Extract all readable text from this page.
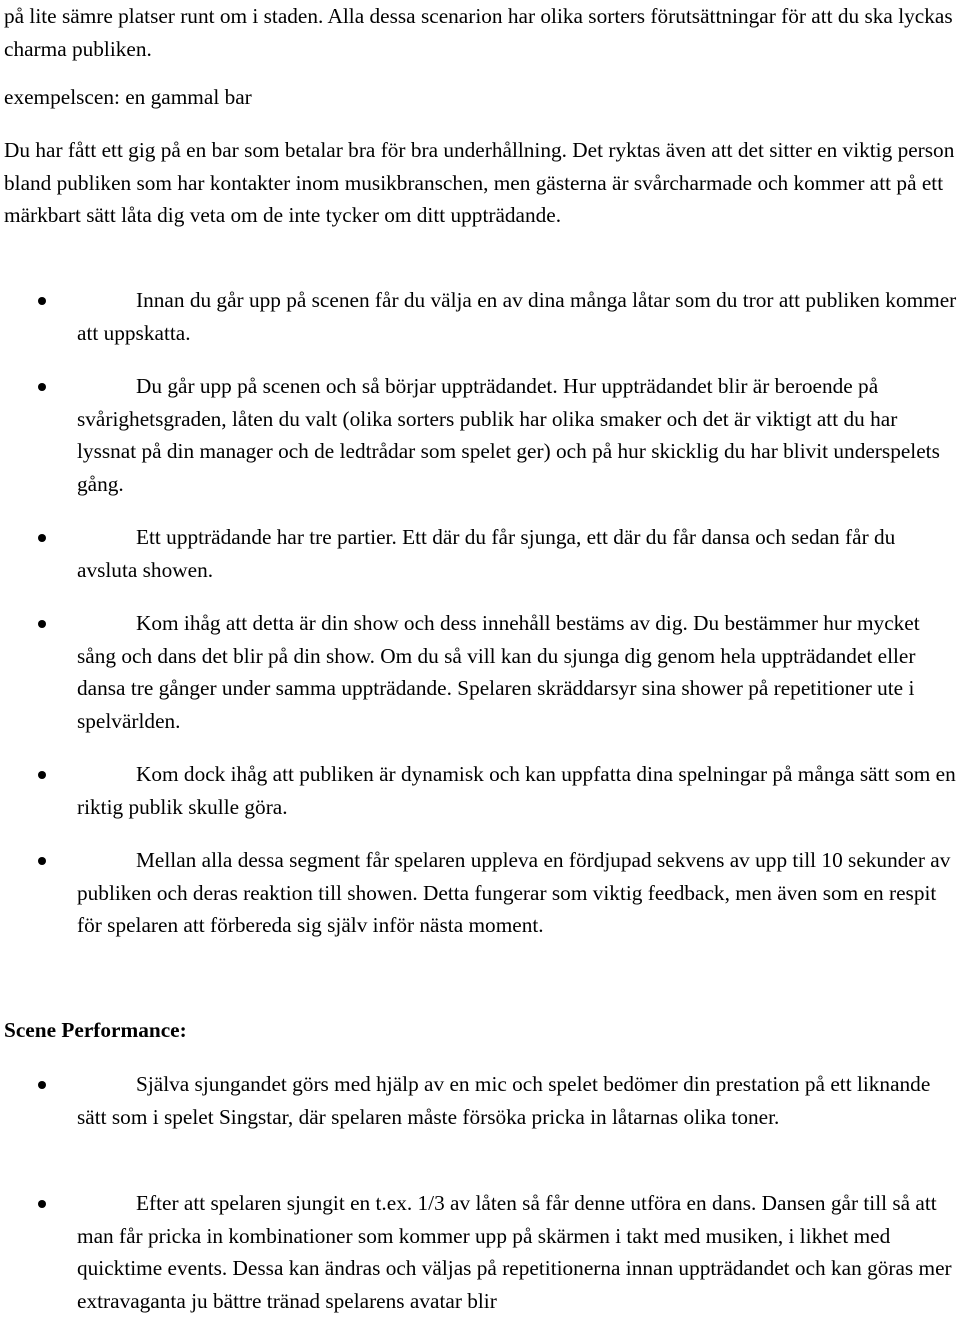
på lite sämre platser runt om i staden. Alla dessa scenarion har olika sorters förutsättningar för att du ska lyckas charma publiken.

exempelscen: en gammal bar

Du har fått ett gig på en bar som betalar bra för bra underhållning. Det ryktas även att det sitter en viktig person bland publiken som har kontakter inom musikbranschen, men gästerna är svårcharmade och kommer att på ett märkbart sätt låta dig veta om de inte tycker om ditt uppträdande.

Innan du går upp på scenen får du välja en av dina många låtar som du tror att publiken kommer att uppskatta.

Du går upp på scenen och så börjar uppträdandet. Hur uppträdandet blir är beroende på svårighetsgraden, låten du valt (olika sorters publik har olika smaker och det är viktigt att du har lyssnat på din manager och de ledtrådar som spelet ger) och på hur skicklig du har blivit underspelets gång.

Ett uppträdande har tre partier. Ett där du får sjunga, ett där du får dansa och sedan får du avsluta showen.

Kom ihåg att detta är din show och dess innehåll bestäms av dig. Du bestämmer hur mycket sång och dans det blir på din show. Om du så vill kan du sjunga dig genom hela uppträdandet eller dansa tre gånger under samma uppträdande. Spelaren skräddarsyr sina shower på repetitioner ute i spelvärlden.

Kom dock ihåg att publiken är dynamisk och kan uppfatta dina spelningar på många sätt som en riktig publik skulle göra.

Mellan alla dessa segment får spelaren uppleva en fördjupad sekvens av upp till 10 sekunder av publiken och deras reaktion till showen. Detta fungerar som viktig feedback, men även som en respit för spelaren att förbereda sig själv inför nästa moment.

Scene Performance:

Själva sjungandet görs med hjälp av en mic och spelet bedömer din prestation på ett liknande sätt som i spelet Singstar, där spelaren måste försöka pricka in låtarnas olika toner.

Efter att spelaren sjungit en t.ex. 1/3 av låten så får denne utföra en dans. Dansen går till så att man får pricka in kombinationer som kommer upp på skärmen i takt med musiken, i likhet med quicktime events. Dessa kan ändras och väljas på repetitionerna innan uppträdandet och kan göras mer extravaganta ju bättre tränad spelarens avatar blir
